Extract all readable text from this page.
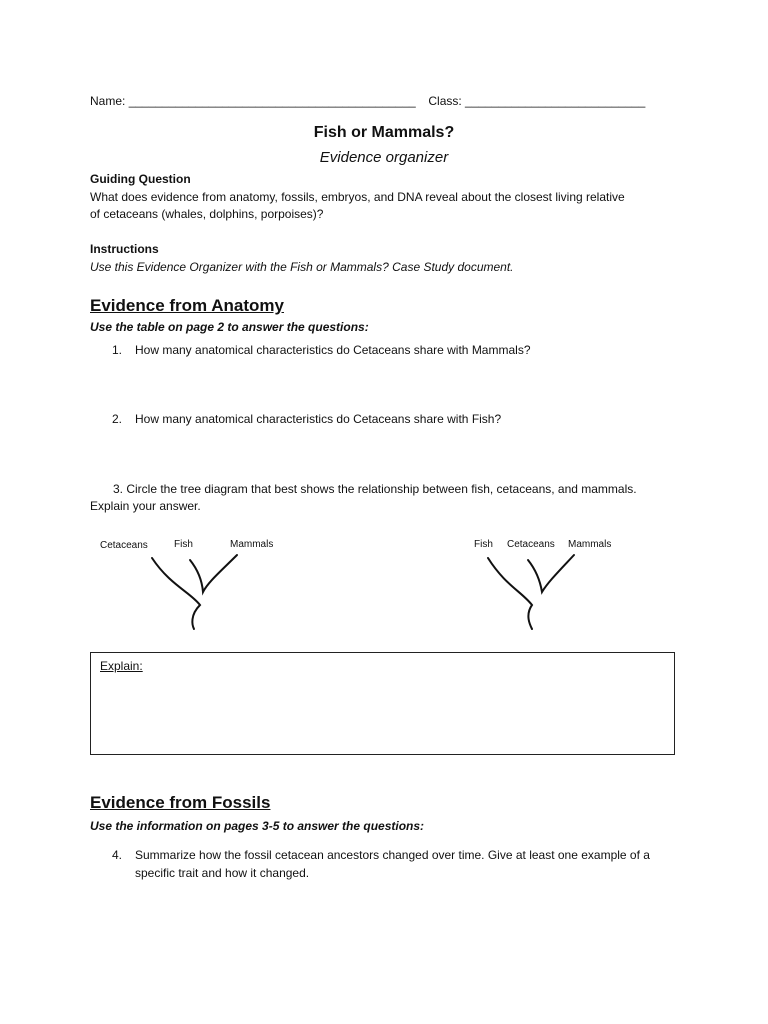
Name: ___________________________________________ Class: ___________________________
Fish or Mammals?
Evidence organizer
Guiding Question
What does evidence from anatomy, fossils, embryos, and DNA reveal about the closest living relative
of cetaceans (whales, dolphins, porpoises)?
Instructions
Use this Evidence Organizer with the Fish or Mammals? Case Study document.
Evidence from Anatomy
Use the table on page 2 to answer the questions:
1.	How many anatomical characteristics do Cetaceans share with Mammals?
2.	How many anatomical characteristics do Cetaceans share with Fish?
3. Circle the tree diagram that best shows the relationship between fish, cetaceans, and mammals.
Explain your answer.
Cetaceans	Fish	Mammals	Fish Cetaceans Mammals
Explain:
Evidence from Fossils
Use the information on pages 3-5 to answer the questions:
4.	Summarize how the fossil cetacean ancestors changed over time. Give at least one example of a
specific trait and how it changed.
